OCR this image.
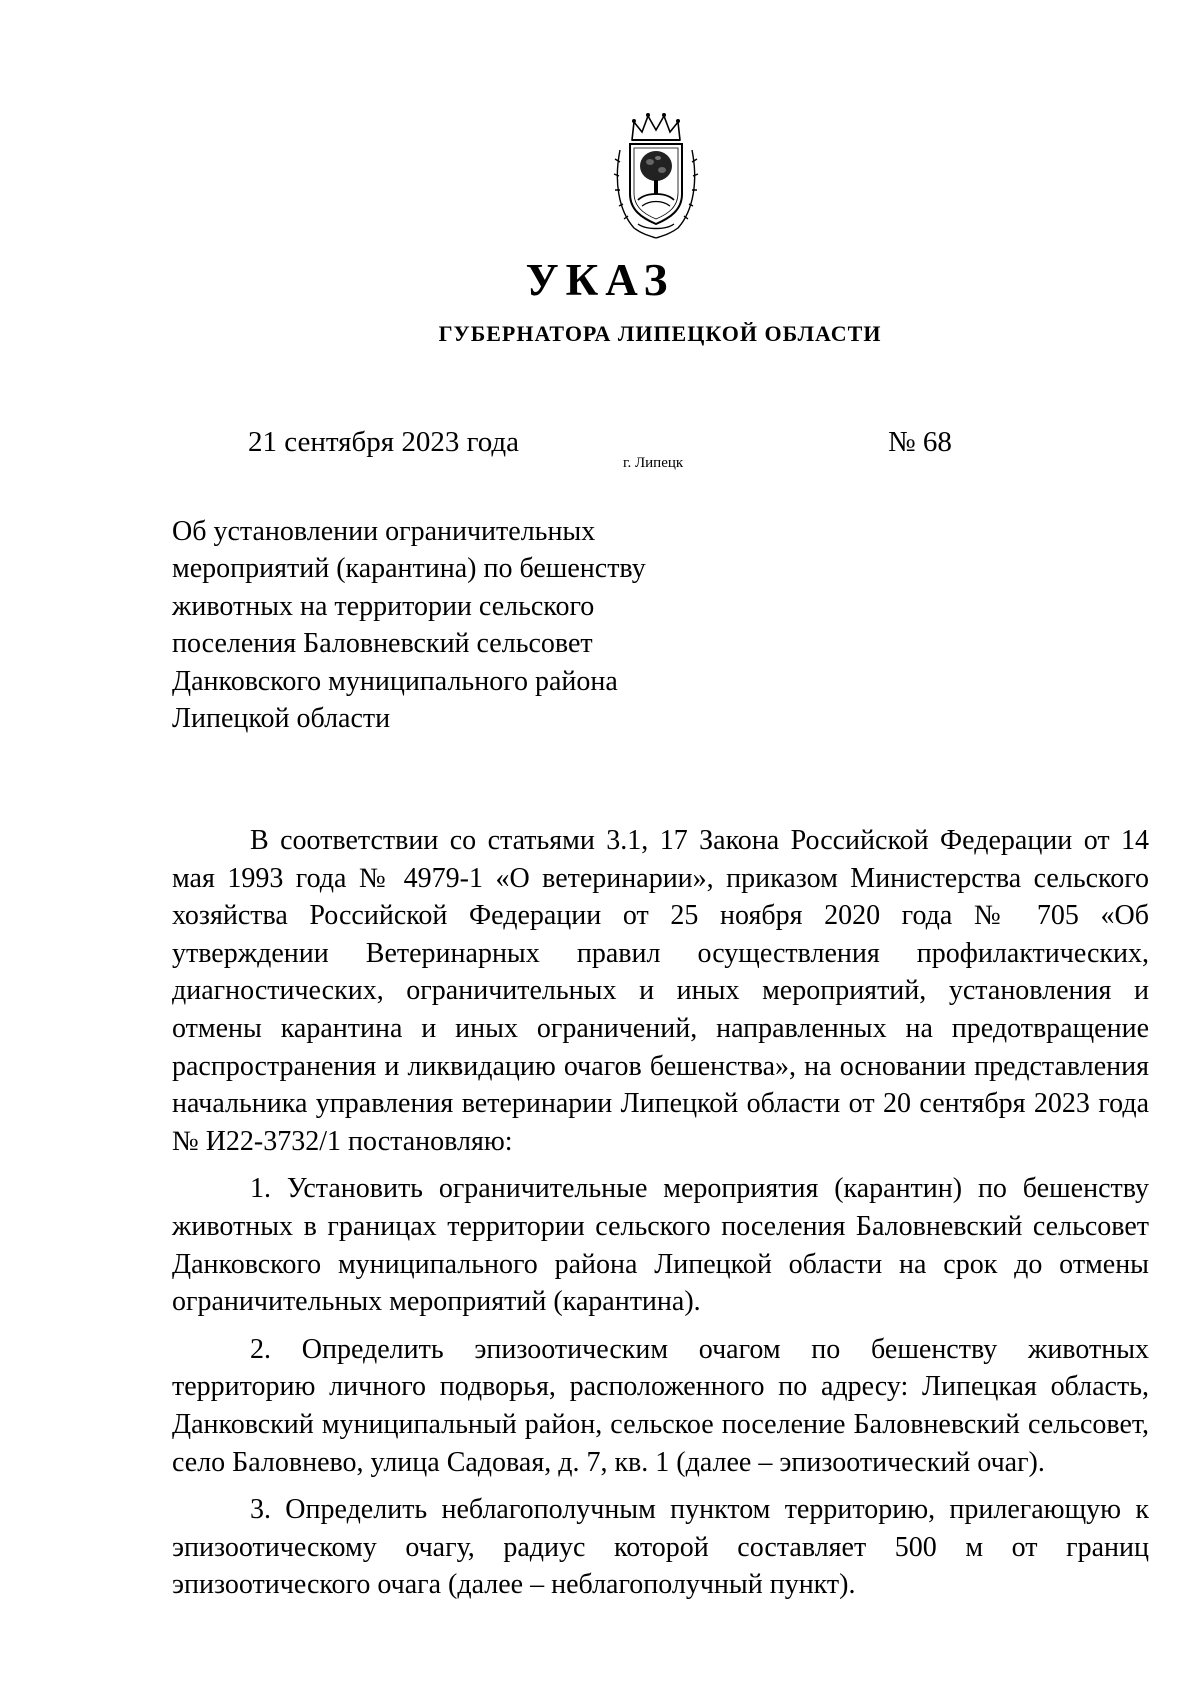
УКАЗ
ГУБЕРНАТОРА ЛИПЕЦКОЙ ОБЛАСТИ
21 сентября 2023 года
г. Липецк
№ 68
Об установлении ограничительных
мероприятий (карантина) по бешенству
животных на территории сельского
поселения Баловневский сельсовет
Данковского муниципального района
Липецкой области

В соответствии со статьями 3.1, 17 Закона Российской Федерации от 14 мая 1993 года № 4979-1 «О ветеринарии», приказом Министерства сельского хозяйства Российской Федерации от 25 ноября 2020 года № 705 «Об утверждении Ветеринарных правил осуществления профилактических, диагностических, ограничительных и иных мероприятий, установления и отмены карантина и иных ограничений, направленных на предотвращение распространения и ликвидацию очагов бешенства», на основании представления начальника управления ветеринарии Липецкой области от 20 сентября 2023 года № И22-3732/1 постановляю:

1. Установить ограничительные мероприятия (карантин) по бешенству животных в границах территории сельского поселения Баловневский сельсовет Данковского муниципального района Липецкой области на срок до отмены ограничительных мероприятий (карантина).

2. Определить эпизоотическим очагом по бешенству животных территорию личного подворья, расположенного по адресу: Липецкая область, Данковский муниципальный район, сельское поселение Баловневский сельсовет, село Баловнево, улица Садовая, д. 7, кв. 1 (далее – эпизоотический очаг).

3. Определить неблагополучным пунктом территорию, прилегающую к эпизоотическому очагу, радиус которой составляет 500 м от границ эпизоотического очага (далее – неблагополучный пункт).
